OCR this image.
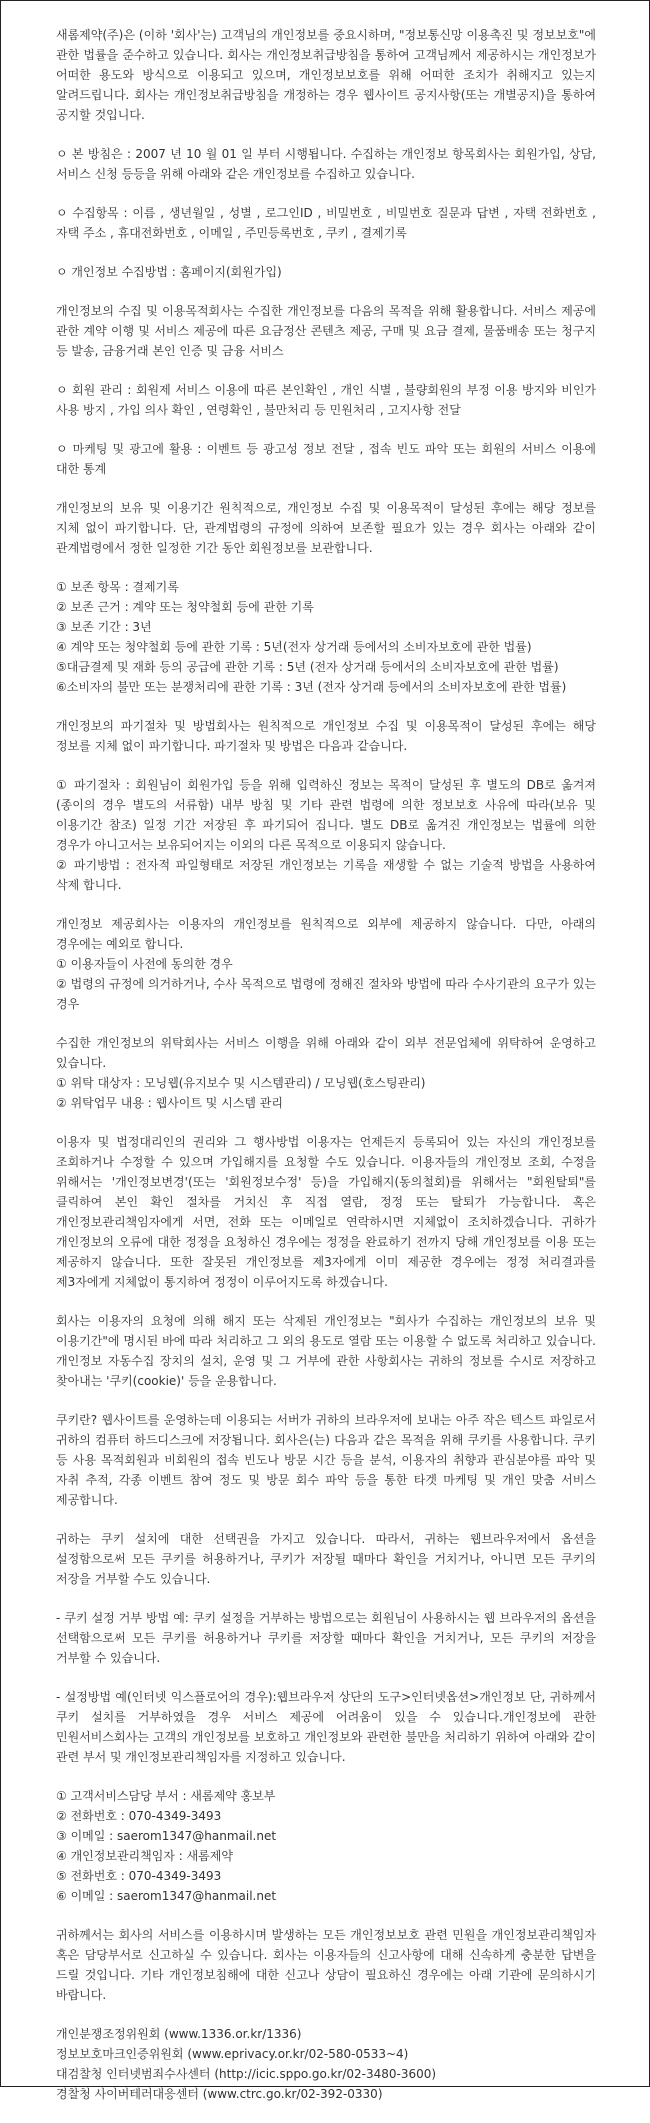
새롬제약(주)은 (이하 '회사'는) 고객님의 개인정보를 중요시하며, "정보통신망 이용촉진 및 정보보호"에 관한 법률을 준수하고 있습니다. 회사는 개인정보취급방침을 통하여 고객님께서 제공하시는 개인정보가 어떠한 용도와 방식으로 이용되고 있으며, 개인정보보호를 위해 어떠한 조치가 취해지고 있는지 알려드립니다. 회사는 개인정보취급방침을 개정하는 경우 웹사이트 공지사항(또는 개별공지)을 통하여 공지할 것입니다.
ㅇ 본 방침은 : 2007 년 10 월 01 일 부터 시행됩니다. 수집하는 개인정보 항목회사는 회원가입, 상담, 서비스 신청 등등을 위해 아래와 같은 개인정보를 수집하고 있습니다.
ㅇ 수집항목 : 이름 , 생년월일 , 성별 , 로그인ID , 비밀번호 , 비밀번호 질문과 답변 , 자택 전화번호 , 자택 주소 , 휴대전화번호 , 이메일 , 주민등록번호 , 쿠키 , 결제기록
ㅇ 개인정보 수집방법 : 홈페이지(회원가입)
개인정보의 수집 및 이용목적회사는 수집한 개인정보를 다음의 목적을 위해 활용합니다. 서비스 제공에 관한 계약 이행 및 서비스 제공에 따른 요금정산 콘텐츠 제공, 구매 및 요금 결제, 물품배송 또는 청구지 등 발송, 금융거래 본인 인증 및 금융 서비스
ㅇ 회원 관리 : 회원제 서비스 이용에 따른 본인확인 , 개인 식별 , 불량회원의 부정 이용 방지와 비인가 사용 방지 , 가입 의사 확인 , 연령확인 , 불만처리 등 민원처리 , 고지사항 전달
ㅇ 마케팅 및 광고에 활용 : 이벤트 등 광고성 정보 전달 , 접속 빈도 파악 또는 회원의 서비스 이용에 대한 통계
개인정보의 보유 및 이용기간 원칙적으로, 개인정보 수집 및 이용목적이 달성된 후에는 해당 정보를 지체 없이 파기합니다. 단, 관계법령의 규정에 의하여 보존할 필요가 있는 경우 회사는 아래와 같이 관계법령에서 정한 일정한 기간 동안 회원정보를 보관합니다.
① 보존 항목 : 결제기록
② 보존 근거 : 계약 또는 청약철회 등에 관한 기록
③ 보존 기간 : 3년
④ 계약 또는 청약철회 등에 관한 기록 : 5년(전자 상거래 등에서의 소비자보호에 관한 법률)
⑤대금결제 및 재화 등의 공급에 관한 기록 : 5년 (전자 상거래 등에서의 소비자보호에 관한 법률)
⑥소비자의 불만 또는 분쟁처리에 관한 기록 : 3년 (전자 상거래 등에서의 소비자보호에 관한 법률)
개인정보의 파기절차 및 방법회사는 원칙적으로 개인정보 수집 및 이용목적이 달성된 후에는 해당 정보를 지체 없이 파기합니다. 파기절차 및 방법은 다음과 같습니다.
① 파기절차 : 회원님이 회원가입 등을 위해 입력하신 정보는 목적이 달성된 후 별도의 DB로 옮겨져(종이의 경우 별도의 서류함) 내부 방침 및 기타 관련 법령에 의한 정보보호 사유에 따라(보유 및 이용기간 참조) 일정 기간 저장된 후 파기되어 집니다. 별도 DB로 옮겨진 개인정보는 법률에 의한 경우가 아니고서는 보유되어지는 이외의 다른 목적으로 이용되지 않습니다.
② 파기방법 : 전자적 파일형태로 저장된 개인정보는 기록을 재생할 수 없는 기술적 방법을 사용하여 삭제 합니다.
개인정보 제공회사는 이용자의 개인정보를 원칙적으로 외부에 제공하지 않습니다. 다만, 아래의 경우에는 예외로 합니다.
① 이용자들이 사전에 동의한 경우
② 법령의 규정에 의거하거나, 수사 목적으로 법령에 정해진 절차와 방법에 따라 수사기관의 요구가 있는 경우
수집한 개인정보의 위탁회사는 서비스 이행을 위해 아래와 같이 외부 전문업체에 위탁하여 운영하고 있습니다.
① 위탁 대상자 : 모닝웹(유지보수 및 시스템관리) / 모닝웹(호스팅관리)
② 위탁업무 내용 : 웹사이트 및 시스템 관리
이용자 및 법정대리인의 권리와 그 행사방법 이용자는 언제든지 등록되어 있는 자신의 개인정보를 조회하거나 수정할 수 있으며 가입해지를 요청할 수도 있습니다. 이용자들의 개인정보 조회, 수정을 위해서는 '개인정보변경'(또는 '회원정보수정' 등)을 가입해지(동의철회)를 위해서는 "회원탈퇴"를 클릭하여 본인 확인 절차를 거치신 후 직접 열람, 정정 또는 탈퇴가 가능합니다. 혹은 개인정보관리책임자에게 서면, 전화 또는 이메일로 연락하시면 지체없이 조치하겠습니다. 귀하가 개인정보의 오류에 대한 정정을 요청하신 경우에는 정정을 완료하기 전까지 당해 개인정보를 이용 또는 제공하지 않습니다. 또한 잘못된 개인정보를 제3자에게 이미 제공한 경우에는 정정 처리결과를 제3자에게 지체없이 통지하여 정정이 이루어지도록 하겠습니다.
회사는 이용자의 요청에 의해 해지 또는 삭제된 개인정보는 "회사가 수집하는 개인정보의 보유 및 이용기간"에 명시된 바에 따라 처리하고 그 외의 용도로 열람 또는 이용할 수 없도록 처리하고 있습니다. 개인정보 자동수집 장치의 설치, 운영 및 그 거부에 관한 사항회사는 귀하의 정보를 수시로 저장하고 찾아내는 '쿠키(cookie)' 등을 운용합니다.
쿠키란? 웹사이트를 운영하는데 이용되는 서버가 귀하의 브라우저에 보내는 아주 작은 텍스트 파일로서 귀하의 컴퓨터 하드디스크에 저장됩니다. 회사은(는) 다음과 같은 목적을 위해 쿠키를 사용합니다. 쿠키 등 사용 목적회원과 비회원의 접속 빈도나 방문 시간 등을 분석, 이용자의 취향과 관심분야를 파악 및 자취 추적, 각종 이벤트 참여 정도 및 방문 회수 파악 등을 통한 타겟 마케팅 및 개인 맞춤 서비스 제공합니다.
귀하는 쿠키 설치에 대한 선택권을 가지고 있습니다. 따라서, 귀하는 웹브라우저에서 옵션을 설정함으로써 모든 쿠키를 허용하거나, 쿠키가 저장될 때마다 확인을 거치거나, 아니면 모든 쿠키의 저장을 거부할 수도 있습니다.
- 쿠키 설정 거부 방법 예: 쿠키 설정을 거부하는 방법으로는 회원님이 사용하시는 웹 브라우저의 옵션을 선택함으로써 모든 쿠키를 허용하거나 쿠키를 저장할 때마다 확인을 거치거나, 모든 쿠키의 저장을 거부할 수 있습니다.
- 설정방법 예(인터넷 익스플로어의 경우):웹브라우저 상단의 도구>인터넷옵션>개인정보 단, 귀하께서 쿠키 설치를 거부하였을 경우 서비스 제공에 어려움이 있을 수 있습니다.개인정보에 관한 민원서비스회사는 고객의 개인정보를 보호하고 개인정보와 관련한 불만을 처리하기 위하여 아래와 같이 관련 부서 및 개인정보관리책임자를 지정하고 있습니다.
① 고객서비스담당 부서 : 새롬제약 홍보부
② 전화번호 : 070-4349-3493
③ 이메일 : saerom1347@hanmail.net
④ 개인정보관리책임자 : 새롬제약
⑤ 전화번호 : 070-4349-3493
⑥ 이메일 : saerom1347@hanmail.net
귀하께서는 회사의 서비스를 이용하시며 발생하는 모든 개인정보보호 관련 민원을 개인정보관리책임자 혹은 담당부서로 신고하실 수 있습니다. 회사는 이용자들의 신고사항에 대해 신속하게 충분한 답변을 드릴 것입니다. 기타 개인정보침해에 대한 신고나 상담이 필요하신 경우에는 아래 기관에 문의하시기 바랍니다.
개인분쟁조정위원회 (www.1336.or.kr/1336)
정보보호마크인증위원회 (www.eprivacy.or.kr/02-580-0533~4)
대검찰청 인터넷범죄수사센터 (http://icic.sppo.go.kr/02-3480-3600)
경찰청 사이버테러대응센터 (www.ctrc.go.kr/02-392-0330)
